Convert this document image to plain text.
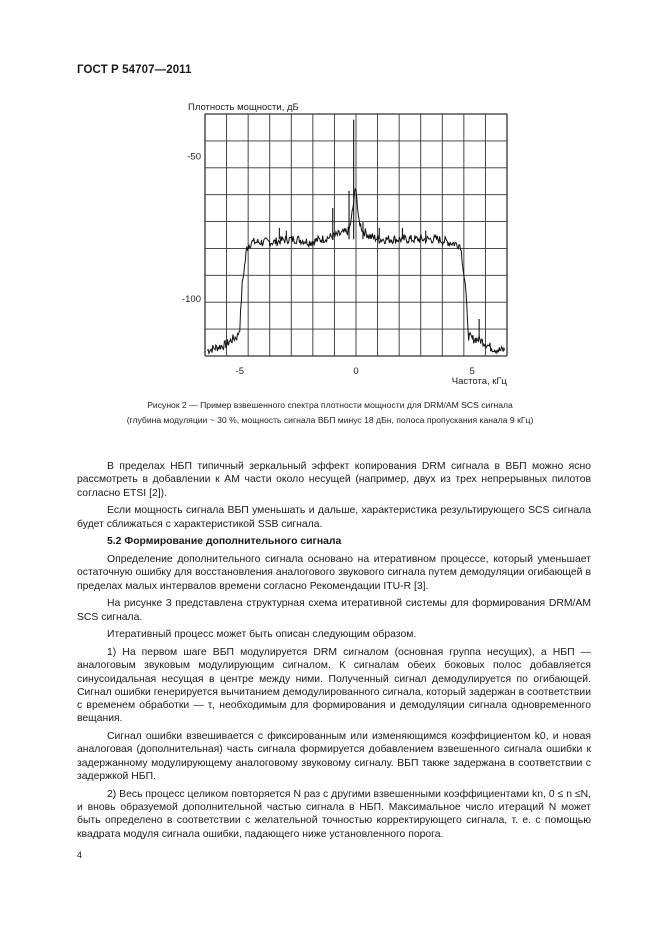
ГОСТ Р 54707—2011
Плотность мощности, дБ
Частота, кГц
-5	0	5
-50
-100
Рисунок 2 — Пример взвешенного спектра плотности мощности для DRM/AM SCS сигнала
(глубина модуляции ~ 30 %, мощность сигнала ВБП минус 18 дБн, полоса пропускания канала 9 кГц)

В пределах НБП типичный зеркальный эффект копирования DRM сигнала в ВБП можно ясно рассмотреть в добавлении к AM части около несущей (например, двух из трех непрерывных пилотов согласно ETSI [2]).

Если мощность сигнала ВБП уменьшать и дальше, характеристика результирующего SCS сигнала будет сближаться с характеристикой SSB сигнала.

5.2 Формирование дополнительного сигнала

Определение дополнительного сигнала основано на итеративном процессе, который уменьшает остаточную ошибку для восстановления аналогового звукового сигнала путем демодуляции огибающей в пределах малых интервалов времени согласно Рекомендации ITU-R [3].

На рисунке 3 представлена структурная схема итеративной системы для формирования DRM/AM SCS сигнала.

Итеративный процесс может быть описан следующим образом.

1) На первом шаге ВБП модулируется DRM сигналом (основная группа несущих), а НБП — аналоговым звуковым модулирующим сигналом. К сигналам обеих боковых полос добавляется синусоидальная несущая в центре между ними. Полученный сигнал демодулируется по огибающей. Сигнал ошибки генерируется вычитанием демодулированного сигнала, который задержан в соответствии с временем обработки — τ, необходимым для формирования и демодуляции сигнала одновременного вещания.

Сигнал ошибки взвешивается с фиксированным или изменяющимся коэффициентом k0, и новая аналоговая (дополнительная) часть сигнала формируется добавлением взвешенного сигнала ошибки к задержанному модулирующему аналоговому звуковому сигналу. ВБП также задержана в соответствии с задержкой НБП.

2) Весь процесс целиком повторяется N раз с другими взвешенными коэффициентами kn, 0 ≤ n ≤N, и вновь образуемой дополнительной частью сигнала в НБП. Максимальное число итераций N может быть определено в соответствии с желательной точностью корректирующего сигнала, т. е. с помощью квадрата модуля сигнала ошибки, падающего ниже установленного порога.

4
